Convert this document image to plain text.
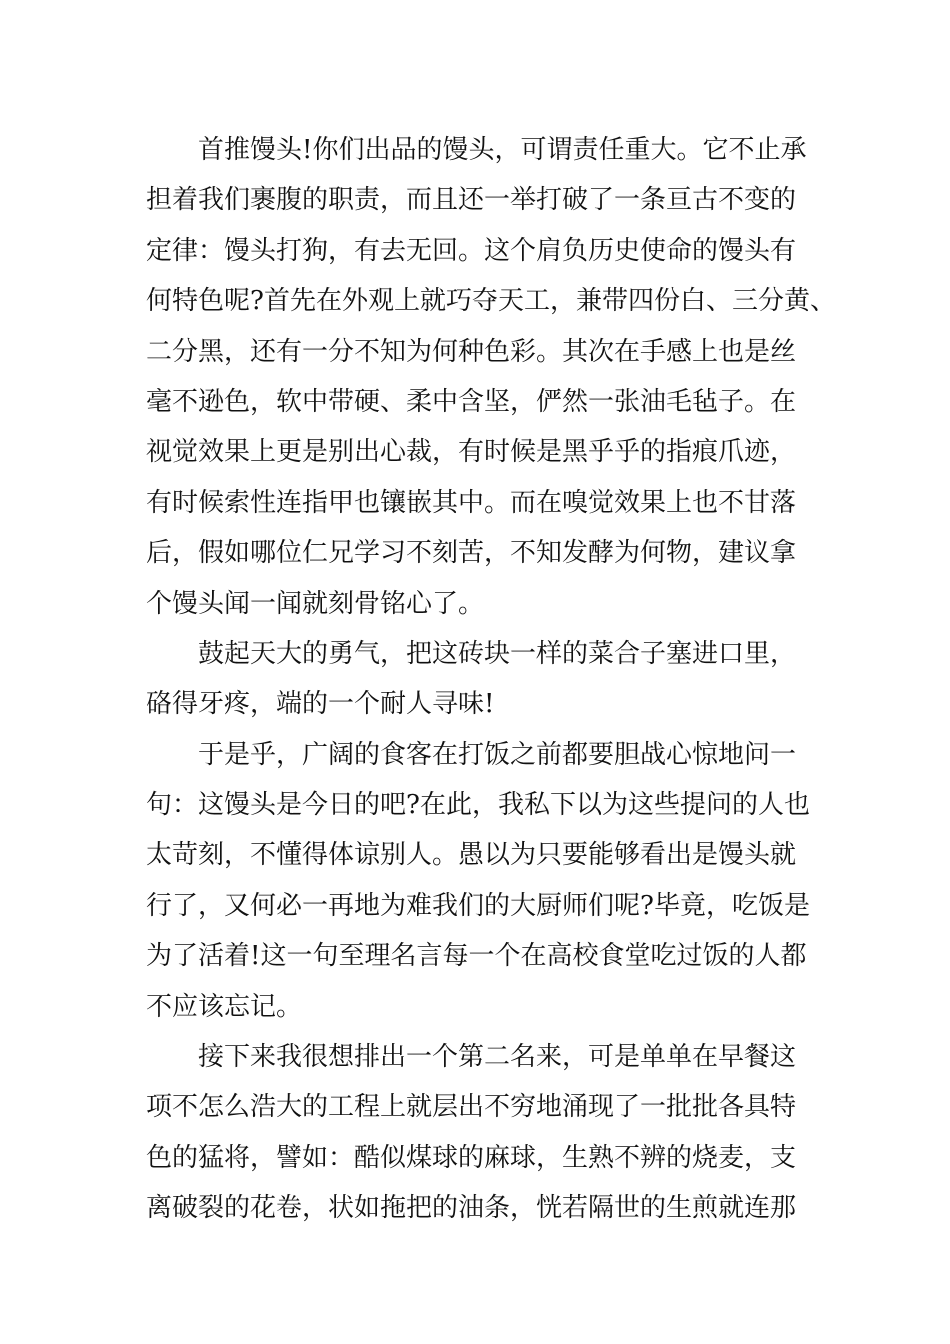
首推馒头!你们出品的馒头，可谓责任重大。它不止承
担着我们裹腹的职责，而且还一举打破了一条亘古不变的
定律：馒头打狗，有去无回。这个肩负历史使命的馒头有
何特色呢?首先在外观上就巧夺天工，兼带四份白、三分黄、
二分黑，还有一分不知为何种色彩。其次在手感上也是丝
毫不逊色，软中带硬、柔中含坚，俨然一张油毛毡子。在
视觉效果上更是别出心裁，有时候是黑乎乎的指痕爪迹，
有时候索性连指甲也镶嵌其中。而在嗅觉效果上也不甘落
后，假如哪位仁兄学习不刻苦，不知发酵为何物，建议拿
个馒头闻一闻就刻骨铭心了。
鼓起天大的勇气，把这砖块一样的菜合子塞进口里，
硌得牙疼，端的一个耐人寻味!
于是乎，广阔的食客在打饭之前都要胆战心惊地问一
句：这馒头是今日的吧?在此，我私下以为这些提问的人也
太苛刻，不懂得体谅别人。愚以为只要能够看出是馒头就
行了，又何必一再地为难我们的大厨师们呢?毕竟，吃饭是
为了活着!这一句至理名言每一个在高校食堂吃过饭的人都
不应该忘记。
接下来我很想排出一个第二名来，可是单单在早餐这
项不怎么浩大的工程上就层出不穷地涌现了一批批各具特
色的猛将，譬如：酷似煤球的麻球，生熟不辨的烧麦，支
离破裂的花卷，状如拖把的油条，恍若隔世的生煎就连那
